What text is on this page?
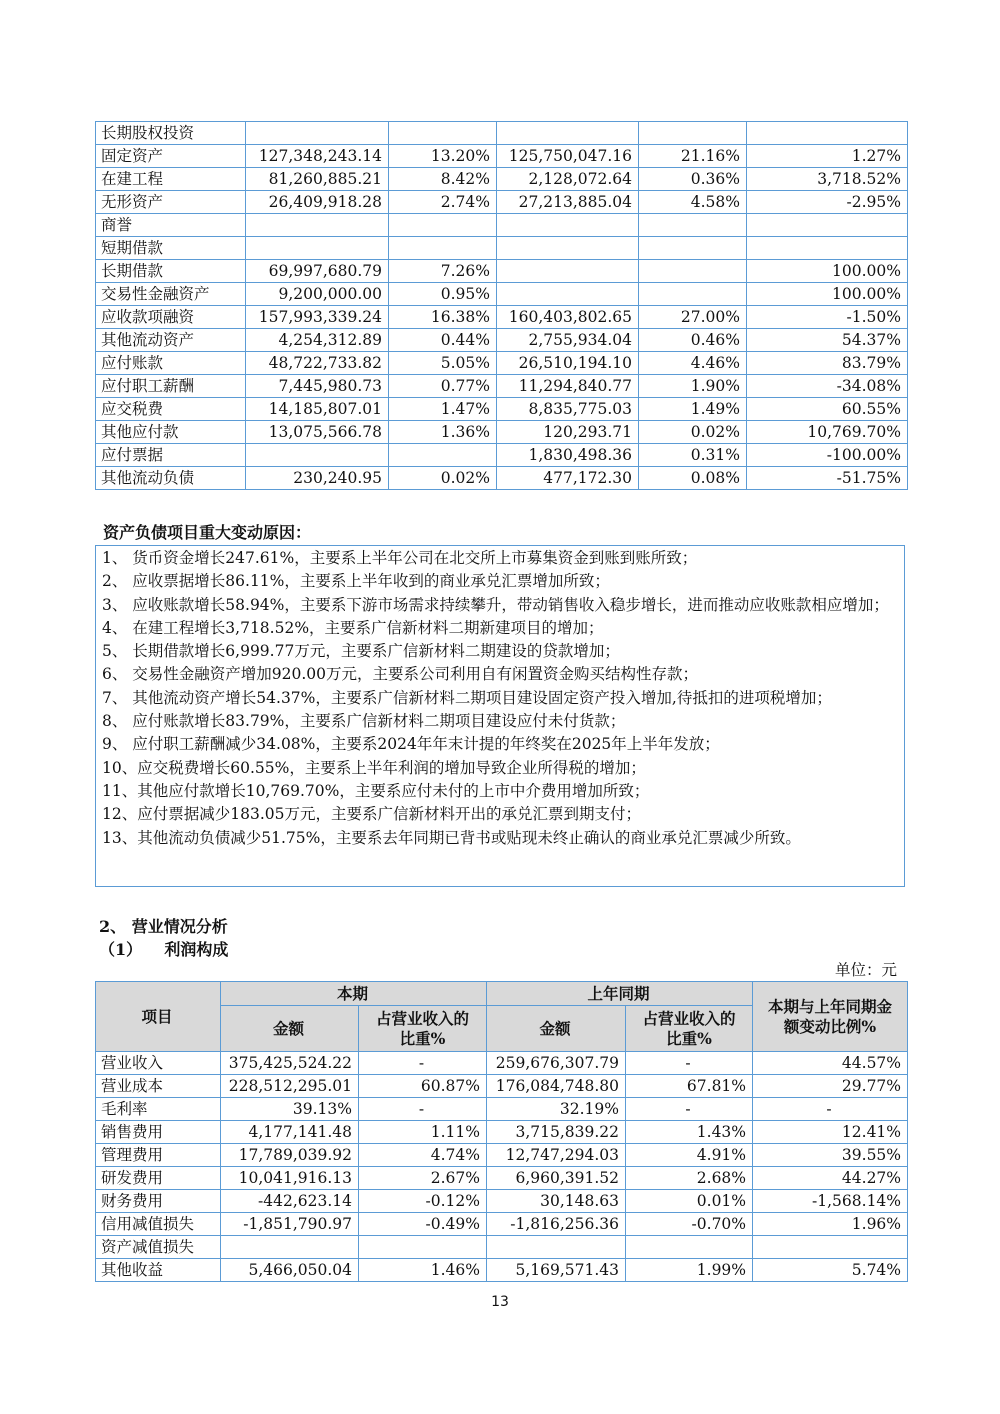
长期股权投资					
固定资产	127,348,243.14	13.20%	125,750,047.16	21.16%	1.27%
在建工程	81,260,885.21	8.42%	2,128,072.64	0.36%	3,718.52%
无形资产	26,409,918.28	2.74%	27,213,885.04	4.58%	-2.95%
商誉					
短期借款					
长期借款	69,997,680.79	7.26%			100.00%
交易性金融资产	9,200,000.00	0.95%			100.00%
应收款项融资	157,993,339.24	16.38%	160,403,802.65	27.00%	-1.50%
其他流动资产	4,254,312.89	0.44%	2,755,934.04	0.46%	54.37%
应付账款	48,722,733.82	5.05%	26,510,194.10	4.46%	83.79%
应付职工薪酬	7,445,980.73	0.77%	11,294,840.77	1.90%	-34.08%
应交税费	14,185,807.01	1.47%	8,835,775.03	1.49%	60.55%
其他应付款	13,075,566.78	1.36%	120,293.71	0.02%	10,769.70%
应付票据			1,830,498.36	0.31%	-100.00%
其他流动负债	230,240.95	0.02%	477,172.30	0.08%	-51.75%
资产负债项目重大变动原因：
1、 货币资金增长247.61%，主要系上半年公司在北交所上市募集资金到账到账所致；
2、 应收票据增长86.11%，主要系上半年收到的商业承兑汇票增加所致；
3、 应收账款增长58.94%，主要系下游市场需求持续攀升，带动销售收入稳步增长，进而推动应收账款相应增加；
4、 在建工程增长3,718.52%，主要系广信新材料二期新建项目的增加；
5、 长期借款增长6,999.77万元，主要系广信新材料二期建设的贷款增加；
6、 交易性金融资产增加920.00万元，主要系公司利用自有闲置资金购买结构性存款；
7、 其他流动资产增长54.37%，主要系广信新材料二期项目建设固定资产投入增加,待抵扣的进项税增加；
8、 应付账款增长83.79%，主要系广信新材料二期项目建设应付未付货款；
9、 应付职工薪酬减少34.08%，主要系2024年年末计提的年终奖在2025年上半年发放；
10、 应交税费增长60.55%，主要系上半年利润的增加导致企业所得税的增加；
11、 其他应付款增长10,769.70%，主要系应付未付的上市中介费用增加所致；
12、 应付票据减少183.05万元，主要系广信新材料开出的承兑汇票到期支付；
13、 其他流动负债减少51.75%，主要系去年同期已背书或贴现未终止确认的商业承兑汇票减少所致。
2、 营业情况分析
（1）    利润构成
单位：元
项目	本期		上年同期		本期与上年同期金额变动比例%
	金额	占营业收入的比重%	金额	占营业收入的比重%	
营业收入	375,425,524.22	-	259,676,307.79	-	44.57%
营业成本	228,512,295.01	60.87%	176,084,748.80	67.81%	29.77%
毛利率	39.13%	-	32.19%	-	-
销售费用	4,177,141.48	1.11%	3,715,839.22	1.43%	12.41%
管理费用	17,789,039.92	4.74%	12,747,294.03	4.91%	39.55%
研发费用	10,041,916.13	2.67%	6,960,391.52	2.68%	44.27%
财务费用	-442,623.14	-0.12%	30,148.63	0.01%	-1,568.14%
信用减值损失	-1,851,790.97	-0.49%	-1,816,256.36	-0.70%	1.96%
资产减值损失					
其他收益	5,466,050.04	1.46%	5,169,571.43	1.99%	5.74%
13
